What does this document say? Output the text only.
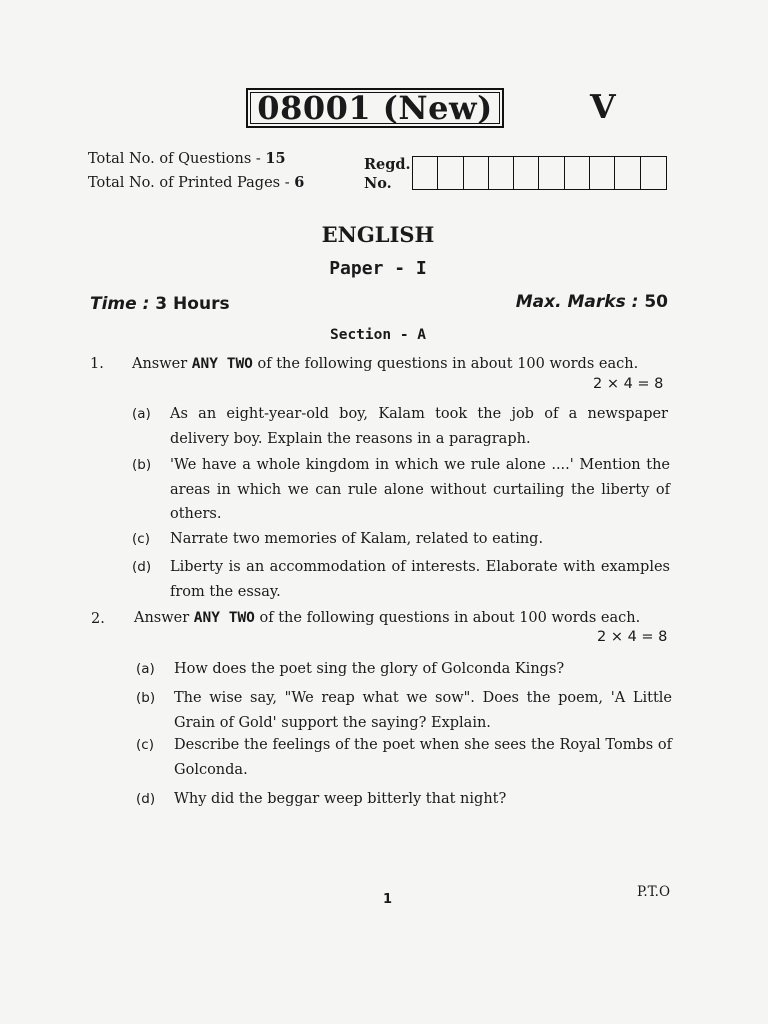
08001 (New)	V
Total No. of Questions - 15
Total No. of Printed Pages - 6
Regd.
No.
ENGLISH
Paper - I
Time : 3 Hours	Max. Marks : 50
Section - A
1. Answer ANY TWO of the following questions in about 100 words each.
2 × 4 = 8
(a) As an eight-year-old boy, Kalam took the job of a newspaper delivery boy. Explain the reasons in a paragraph.
(b) 'We have a whole kingdom in which we rule alone ....' Mention the areas in which we can rule alone without curtailing the liberty of others.
(c) Narrate two memories of Kalam, related to eating.
(d) Liberty is an accommodation of interests. Elaborate with examples from the essay.
2. Answer ANY TWO of the following questions in about 100 words each.
2 × 4 = 8
(a) How does the poet sing the glory of Golconda Kings?
(b) The wise say, "We reap what we sow". Does the poem, 'A Little Grain of Gold' support the saying? Explain.
(c) Describe the feelings of the poet when she sees the Royal Tombs of Golconda.
(d) Why did the beggar weep bitterly that night?
1	P.T.O
